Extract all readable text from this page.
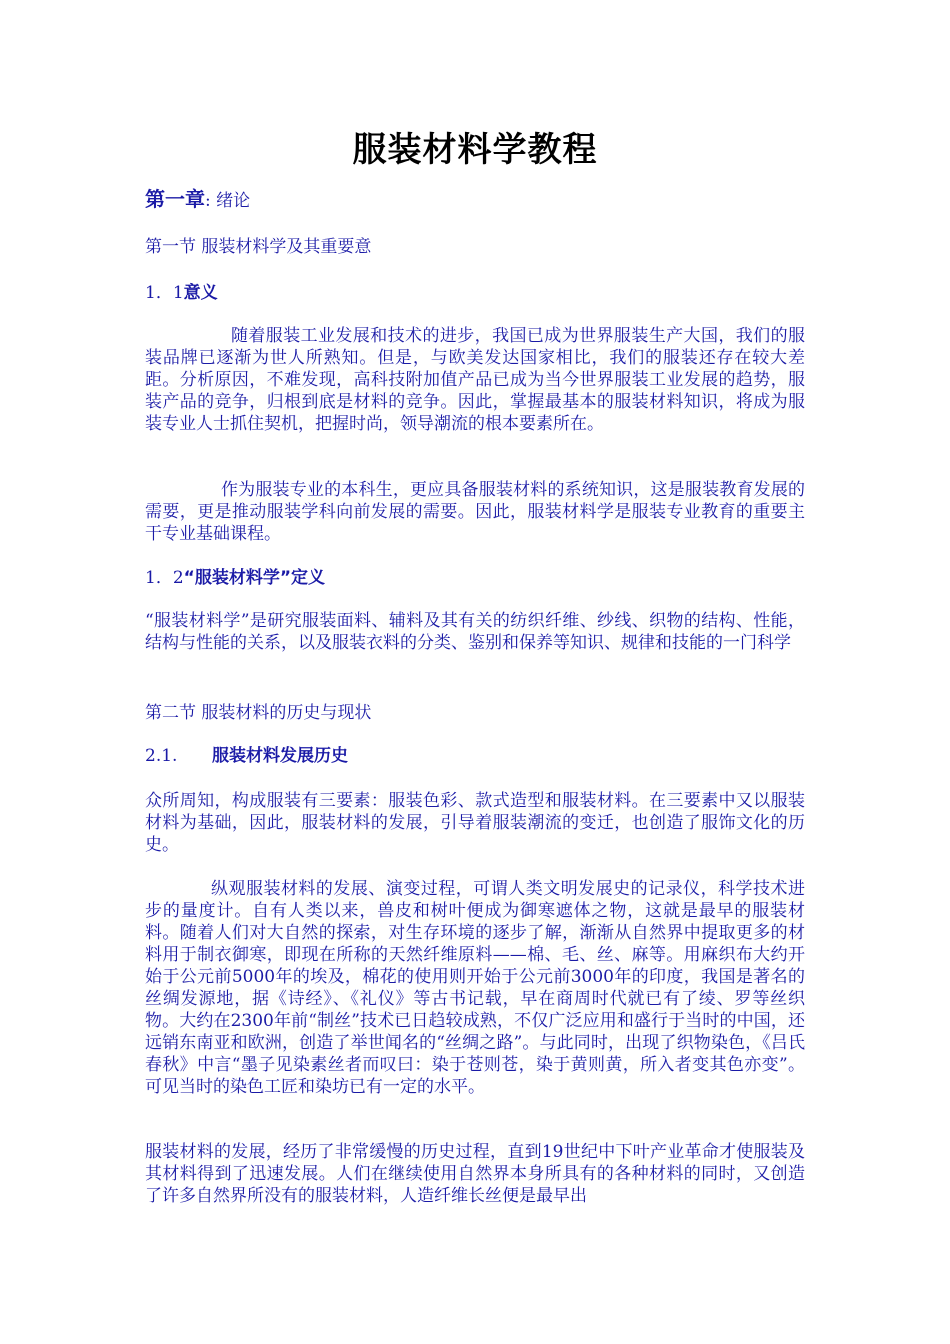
服装材料学教程
第一章: 绪论
第一节 服装材料学及其重要意
1．1意义

随着服装工业发展和技术的进步，我国已成为世界服装生产大国，我们的服装品牌已逐渐为世人所熟知。但是，与欧美发达国家相比，我们的服装还存在较大差距。分析原因，不难发现，高科技附加值产品已成为当今世界服装工业发展的趋势，服装产品的竞争，归根到底是材料的竞争。因此，掌握最基本的服装材料知识，将成为服装专业人士抓住契机，把握时尚，领导潮流的根本要素所在。

作为服装专业的本科生，更应具备服装材料的系统知识，这是服装教育发展的需要，更是推动服装学科向前发展的需要。因此，服装材料学是服装专业教育的重要主干专业基础课程。

1．2“服装材料学”定义

“服装材料学”是研究服装面料、辅料及其有关的纺织纤维、纱线、织物的结构、性能，结构与性能的关系，以及服装衣料的分类、鉴别和保养等知识、规律和技能的一门科学

第二节 服装材料的历史与现状
2.1. 服装材料发展历史

众所周知，构成服装有三要素：服装色彩、款式造型和服装材料。在三要素中又以服装材料为基础，因此，服装材料的发展，引导着服装潮流的变迁，也创造了服饰文化的历史。

纵观服装材料的发展、演变过程，可谓人类文明发展史的记录仪，科学技术进步的量度计。自有人类以来，兽皮和树叶便成为御寒遮体之物，这就是最早的服装材料。随着人们对大自然的探索，对生存环境的逐步了解，渐渐从自然界中提取更多的材料用于制衣御寒，即现在所称的天然纤维原料——棉、毛、丝、麻等。用麻织布大约开始于公元前5000年的埃及，棉花的使用则开始于公元前3000年的印度，我国是著名的丝绸发源地，据《诗经》、《礼仪》等古书记载，早在商周时代就已有了绫、罗等丝织物。大约在2300年前“制丝”技术已日趋较成熟，不仅广泛应用和盛行于当时的中国，还远销东南亚和欧洲，创造了举世闻名的“丝绸之路”。与此同时，出现了织物染色，《吕氏春秋》中言“墨子见染素丝者而叹曰：染于苍则苍，染于黄则黄，所入者变其色亦变”。可见当时的染色工匠和染坊已有一定的水平。

服装材料的发展，经历了非常缓慢的历史过程，直到19世纪中下叶产业革命才使服装及其材料得到了迅速发展。人们在继续使用自然界本身所具有的各种材料的同时，又创造了许多自然界所没有的服装材料，人造纤维长丝便是最早出
